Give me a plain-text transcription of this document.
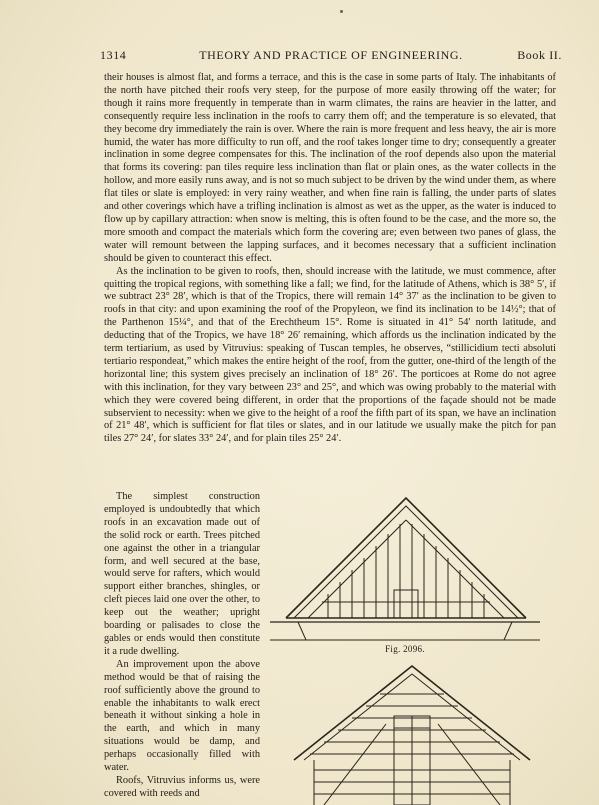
1314	THEORY AND PRACTICE OF ENGINEERING.	Book II.

their houses is almost flat, and forms a terrace, and this is the case in some parts of Italy. The inhabitants of the north have pitched their roofs very steep, for the purpose of more easily throwing off the water; for though it rains more frequently in temperate than in warm climates, the rains are heavier in the latter, and consequently require less inclination in the roofs to carry them off; and the temperature is so elevated, that they become dry immediately the rain is over. Where the rain is more frequent and less heavy, the air is more humid, the water has more difficulty to run off, and the roof takes longer time to dry; consequently a greater inclination in some degree compensates for this. The inclination of the roof depends also upon the material that forms its covering: pan tiles require less inclination than flat or plain ones, as the water collects in the hollow, and more easily runs away, and is not so much subject to be driven by the wind under them, as where flat tiles or slate is employed: in very rainy weather, and when fine rain is falling, the under parts of slates and other coverings which have a trifling inclination is almost as wet as the upper, as the water is induced to flow up by capillary attraction: when snow is melting, this is often found to be the case, and the more so, the more smooth and compact the materials which form the covering are; even between two panes of glass, the water will remount between the lapping surfaces, and it becomes necessary that a sufficient inclination should be given to counteract this effect.

As the inclination to be given to roofs, then, should increase with the latitude, we must commence, after quitting the tropical regions, with something like a fall; we find, for the latitude of Athens, which is 38° 5′, if we subtract 23° 28′, which is that of the Tropics, there will remain 14° 37′ as the inclination to be given to roofs in that city: and upon examining the roof of the Propyleon, we find its inclination to be 14½°; that of the Parthenon 15¼°, and that of the Erechtheum 15°. Rome is situated in 41° 54′ north latitude, and deducting that of the Tropics, we have 18° 26′ remaining, which affords us the inclination indicated by the term tertiarium, as used by Vitruvius: speaking of Tuscan temples, he observes, “stillicidium tecti absoluti tertiario respondeat,” which makes the entire height of the roof, from the gutter, one-third of the length of the horizontal line; this system gives precisely an inclination of 18° 26′. The porticoes at Rome do not agree with this inclination, for they vary between 23° and 25°, and which was owing probably to the material with which they were covered being different, in order that the proportions of the façade should not be made subservient to necessity: when we give to the height of a roof the fifth part of its span, we have an inclination of 21° 48′, which is sufficient for flat tiles or slates, and in our latitude we usually make the pitch for pan tiles 27° 24′, for slates 33° 24′, and for plain tiles 25° 24′.

The simplest construction employed is undoubtedly that which roofs in an excavation made out of the solid rock or earth. Trees pitched one against the other in a triangular form, and well secured at the base, would serve for rafters, which would support either branches, shingles, or cleft pieces laid one over the other, to keep out the weather; upright boarding or palisades to close the gables or ends would then constitute it a rude dwelling.

An improvement upon the above method would be that of raising the roof sufficiently above the ground to enable the inhabitants to walk erect beneath it without sinking a hole in the earth, and which in many situations would be damp, and perhaps occasionally filled with water.

Roofs, Vitruvius informs us, were covered with reeds and

Fig. 2096.
